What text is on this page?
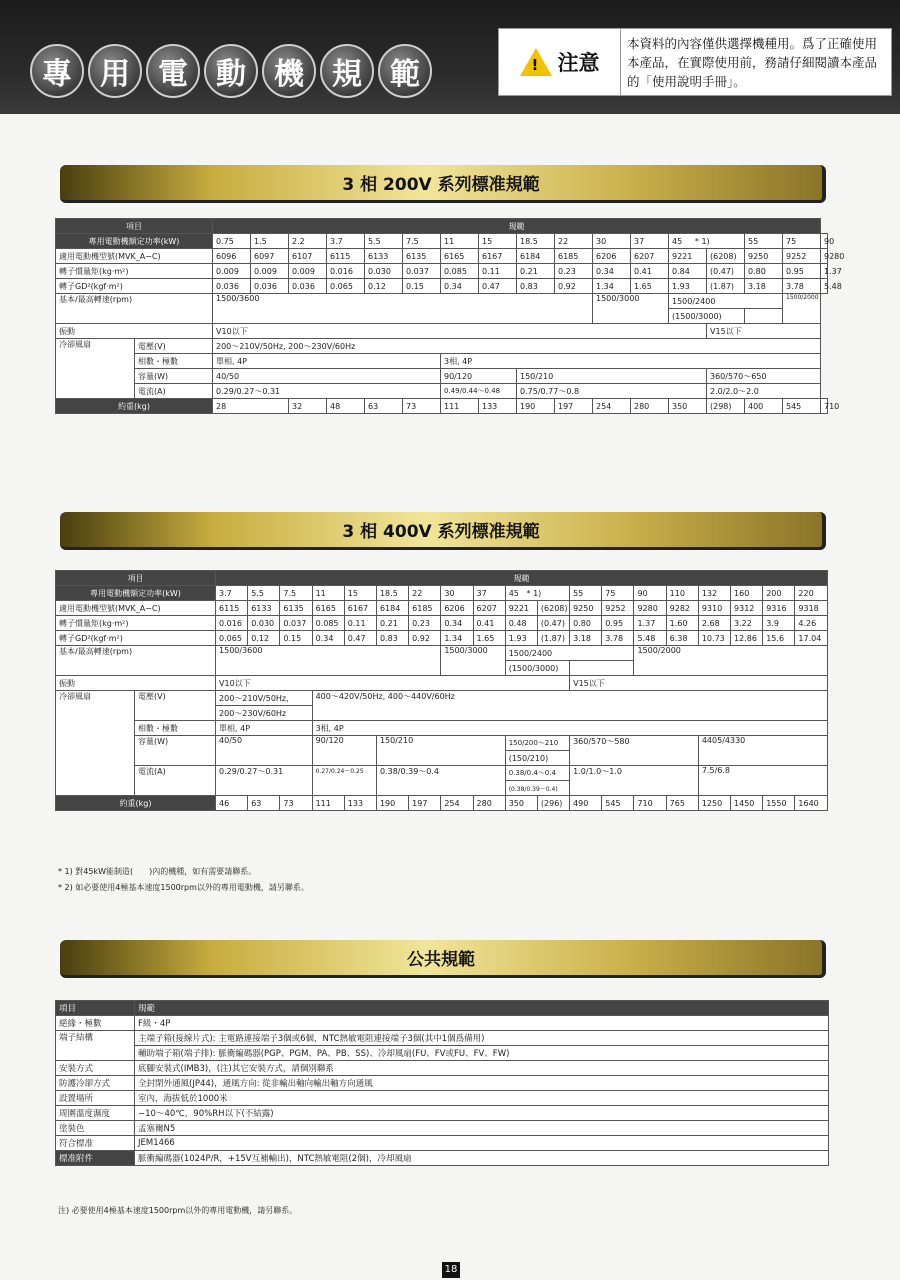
專 用 電 動 機 規 範	! 注意
本資料的內容僅供選擇機種用。爲了正確使用本產品，在實際使用前，務請仔細閱讀本產品的「使用說明手冊」。
3 相 200V 系列標准規範
項目		規範																
專用電動機額定功率(kW)		0.75	1.5	2.2	3.7	5.5	7.5	11	15	18.5	22	30	37	45 * 1)		55	75	90
適用電動機型號(MVK_A−C)		6096	6097	6107	6115	6133	6135	6165	6167	6184	6185	6206	6207	9221	(6208)	9250	9252	9280
轉子慣量矩(kg·m²)		0.009	0.009	0.009	0.016	0.030	0.037	0.085	0.11	0.21	0.23	0.34	0.41	0.84	(0.47)	0.80	0.95	1.37
轉子GD²(kgf·m²)		0.036	0.036	0.036	0.065	0.12	0.15	0.34	0.47	0.83	0.92	1.34	1.65	1.93	(1.87)	3.18	3.78	5.48
基本/最高轉速(rpm)		1500/3600										1500/3000		1500/2400			1500/2000	
														(1500/3000)				
振動		V10以下													V15以下			
冷卻風扇	電壓(V)	200〜210V/50Hz, 200〜230V/60Hz																
	相數・極數	單相, 4P						3相, 4P										
	容量(W)	40/50						90/120		150/210					360/570〜650			
	電流(A)	0.29/0.27〜0.31						0.49/0.44〜0.48		0.75/0.77〜0.8					2.0/2.0〜2.0			
約重(kg)		28		32	48	63	73	111	133	190	197	254	280	350	(298)	400	545	710
3 相 400V 系列標准規範
項目		規範																		
專用電動機額定功率(kW)		3.7	5.5	7.5	11	15	18.5	22	30	37	45 * 1)		55	75	90	110	132	160	200	220
適用電動機型號(MVK_A−C)		6115	6133	6135	6165	6167	6184	6185	6206	6207	9221	(6208)	9250	9252	9280	9282	9310	9312	9316	9318
轉子慣量矩(kg·m²)		0.016	0.030	0.037	0.085	0.11	0.21	0.23	0.34	0.41	0.48	(0.47)	0.80	0.95	1.37	1.60	2.68	3.22	3.9	4.26
轉子GD²(kgf·m²)		0.065	0.12	0.15	0.34	0.47	0.83	0.92	1.34	1.65	1.93	(1.87)	3.18	3.78	5.48	6.38	10.73	12.86	15.6	17.04
基本/最高轉速(rpm)		1500/3600							1500/3000		1500/2400				1500/2000					
											(1500/3000)									
振動		V10以下											V15以下							
冷卻風扇	電壓(V)	200〜210V/50Hz,			400〜420V/50Hz, 400〜440V/60Hz															
		200〜230V/60Hz																		
	相數・極數	單相, 4P			3相, 4P															
	容量(W)	40/50			90/120		150/210				150/200〜210		360/570〜580				4405/4330			
											(150/210)									
	電流(A)	0.29/0.27〜0.31			0.27/0.24〜0.25		0.38/0.39〜0.4				0.38/0.4〜0.4		1.0/1.0〜1.0				7.5/6.8			
											(0.38/0.39〜0.4)									
約重(kg)		46	63	73	111	133	190	197	254	280	350	(296)	490	545	710	765	1250	1450	1550	1640
* 1) 對45kW能制造(　　)內的機種，如有需要請聯系。
* 2) 如必要使用4極基本速度1500rpm以外的專用電動機，請另聯系。
公共規範
項目	規範
絕緣・極數	F級・4P
端子結構	主端子箱(接線片式): 主電路連接端子3個或6個，NTC熱敏電阻連接端子3個(其中1個爲備用)
	輔助端子箱(端子排): 脈衝編碼器(PGP、PGM、PA、PB、SS)、冷却風扇(FU、FV或FU、FV、FW)
安裝方式	底腳安裝式(IMB3)，(注)其它安裝方式，請個別聯系
防護冷卻方式	全封閉外通風(JP44)，通風方向: 從非輸出軸向輸出軸方向通風
設置場所	室內，海拔低於1000米
周圍溫度濕度	−10〜40℃，90%RH以下(不結露)
塗裝色	孟塞爾N5
符合標准	JEM1466
標准附件	脈衝編碼器(1024P/R，+15V互補輸出)，NTC熱敏電阻(2個)，冷却風扇
注) 必要使用4極基本速度1500rpm以外的專用電動機，請另聯系。
18
